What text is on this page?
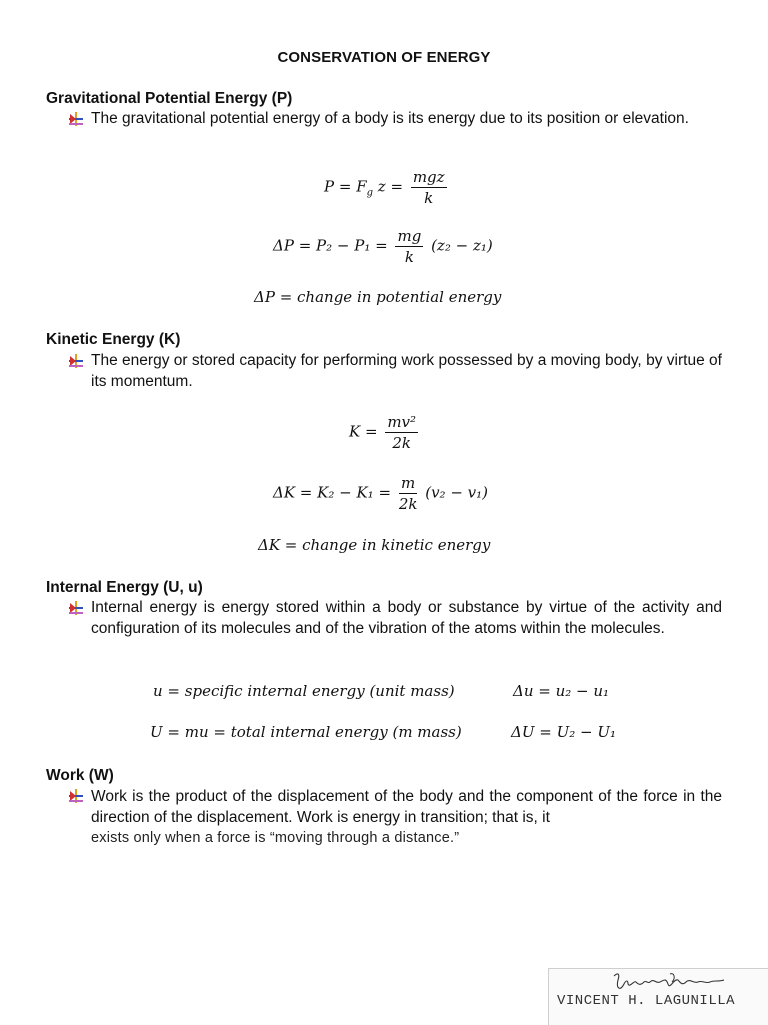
CONSERVATION OF ENERGY
Gravitational Potential Energy (P)
The gravitational potential energy of a body is its energy due to its position or elevation.
$P = F_g$ $z = \frac{\text{mgz}}{k}$
$\Delta P = P_2 - P_1 = \frac{mg}{k} (z_2 - z_1)$
ΔP = change in potential energy
Kinetic Energy (K)
The energy or stored capacity for performing work possessed by a moving body, by virtue of its momentum.
$K = \frac{\text{mv²}}{2k}$
$\Delta K = K_2 - K_1 = \frac{m}{2k} (v_2 - v_1)$
ΔK = change in kinetic energy
Internal Energy (U, u)
Internal energy is energy stored within a body or substance by virtue of the activity and configuration of its molecules and of the vibration of the atoms within the molecules.
u = specific internal energy (unit mass)	Δu = u₂ − u₁
U = mu = total internal energy (m mass)	ΔU = U₂ − U₁
Work (W)
Work is the product of the displacement of the body and the component of the force in the direction of the displacement. Work is energy in transition; that is, it
exists only when a force is “moving through a distance.”
VINCENT H. LAGUNILLA
